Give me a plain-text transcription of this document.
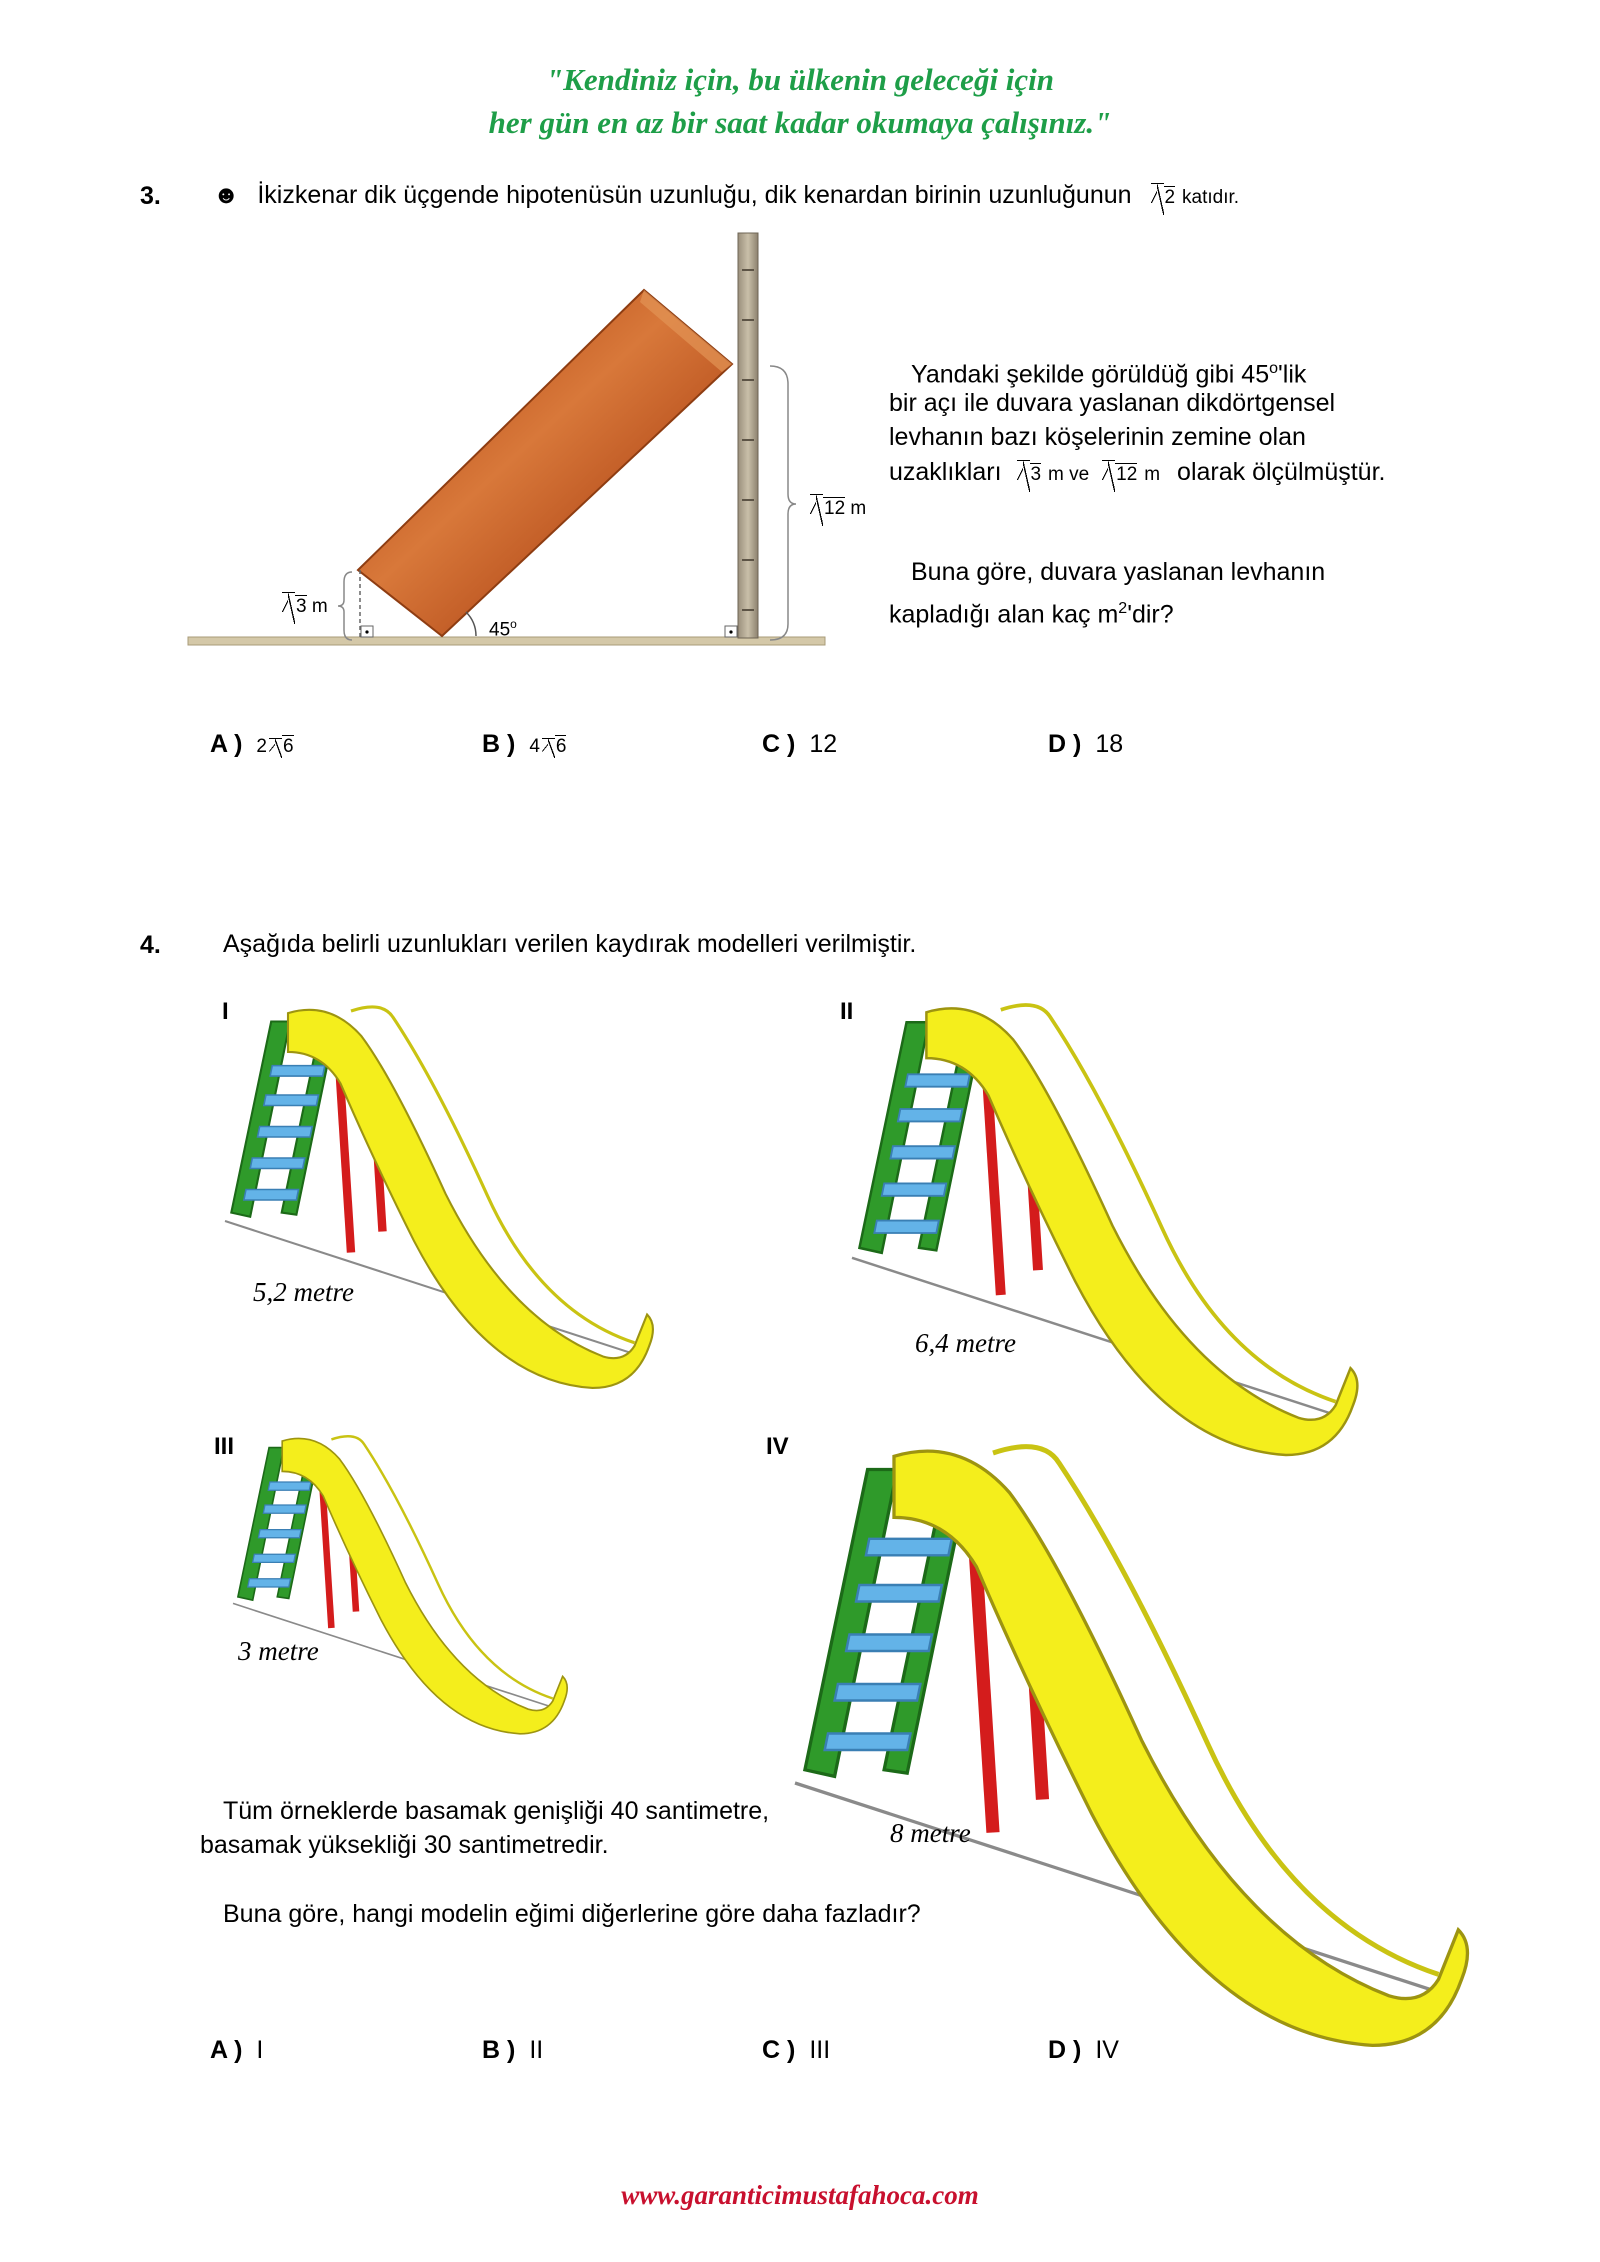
"Kendiniz için, bu ülkenin geleceği için
her gün en az bir saat kadar okumaya çalışınız."
3. ☻ İkizkenar dik üçgende hipotenüsün uzunluğu, dik kenardan birinin uzunluğunun 2 katıdır.
3 m
12 m
45$^o$
Yandaki şekilde görüldüğ gibi 45$^o$'lik
bir açı ile duvara yaslanan dikdörtgensel
levhanın bazı köşelerinin zemine olan
uzaklıkları 3 m ve 12 m olarak ölçülmüştür.
Buna göre, duvara yaslanan levhanın
kapladığı alan kaç $m^2'dir$?
A ) 2 6	B ) 4 6	C ) 12	D ) 18
4. Aşağıda belirli uzunlukları verilen kaydırak modelleri verilmiştir.
I	II
III	IV
5,2 metre
6,4 metre
3 metre
8 metre
Tüm örneklerde basamak genişliği 40 santimetre,
basamak yüksekliği 30 santimetredir.
Buna göre, hangi modelin eğimi diğerlerine göre daha fazladır?
A ) I	B ) II	C ) III	D ) IV
www.garanticimustafahoca.com
